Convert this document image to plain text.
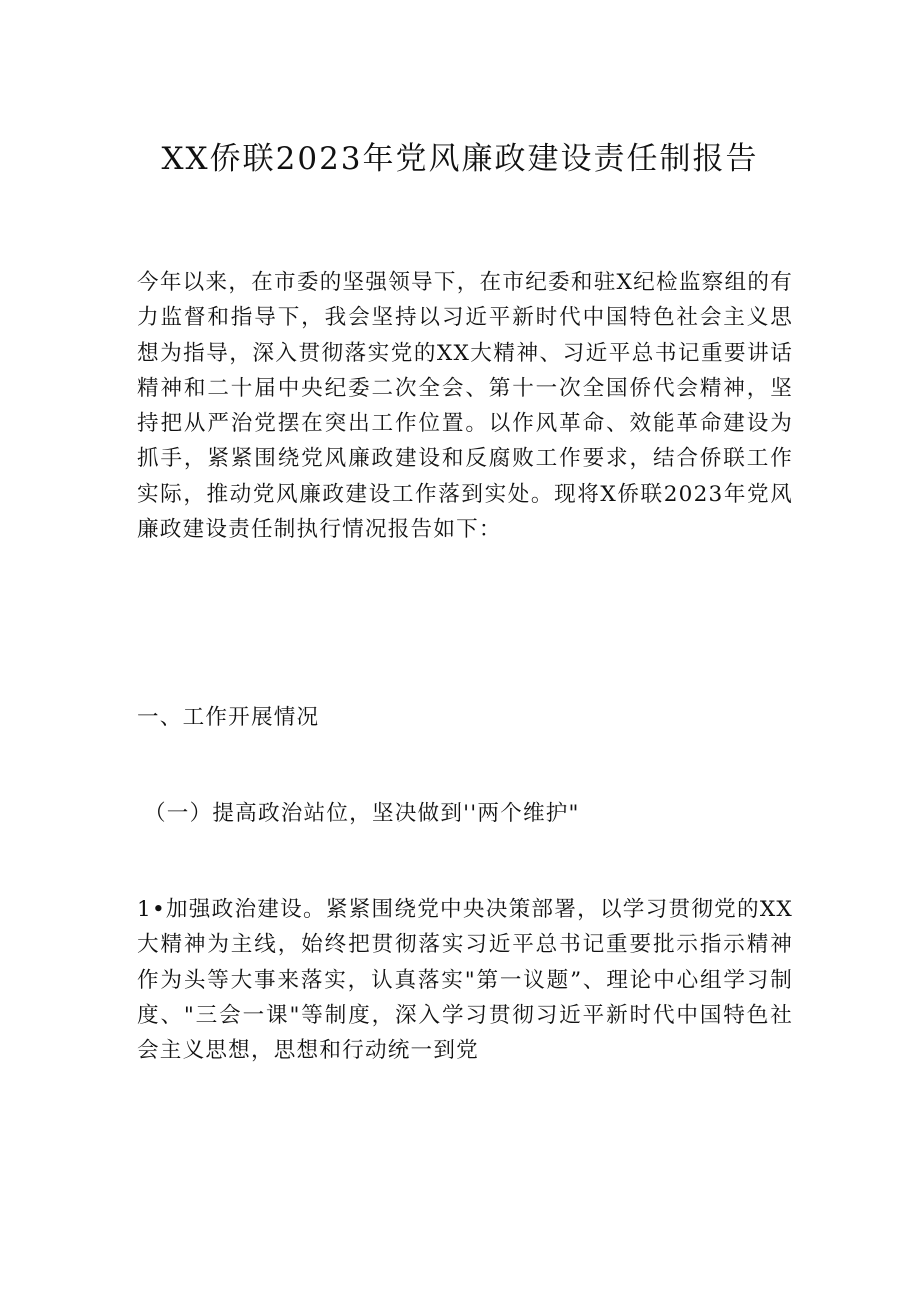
XX侨联2023年党风廉政建设责任制报告

今年以来，在市委的坚强领导下，在市纪委和驻X纪检监察组的有力监督和指导下，我会坚持以习近平新时代中国特色社会主义思想为指导，深入贯彻落实党的XX大精神、习近平总书记重要讲话精神和二十届中央纪委二次全会、第十一次全国侨代会精神，坚持把从严治党摆在突出工作位置。以作风革命、效能革命建设为抓手，紧紧围绕党风廉政建设和反腐败工作要求，结合侨联工作实际，推动党风廉政建设工作落到实处。现将X侨联2023年党风廉政建设责任制执行情况报告如下：

一、工作开展情况
（一）提高政治站位，坚决做到''两个维护"

1•加强政治建设。紧紧围绕党中央决策部署，以学习贯彻党的XX大精神为主线，始终把贯彻落实习近平总书记重要批示指示精神作为头等大事来落实，认真落实"第一议题”、理论中心组学习制度、"三会一课"等制度，深入学习贯彻习近平新时代中国特色社会主义思想，思想和行动统一到党
